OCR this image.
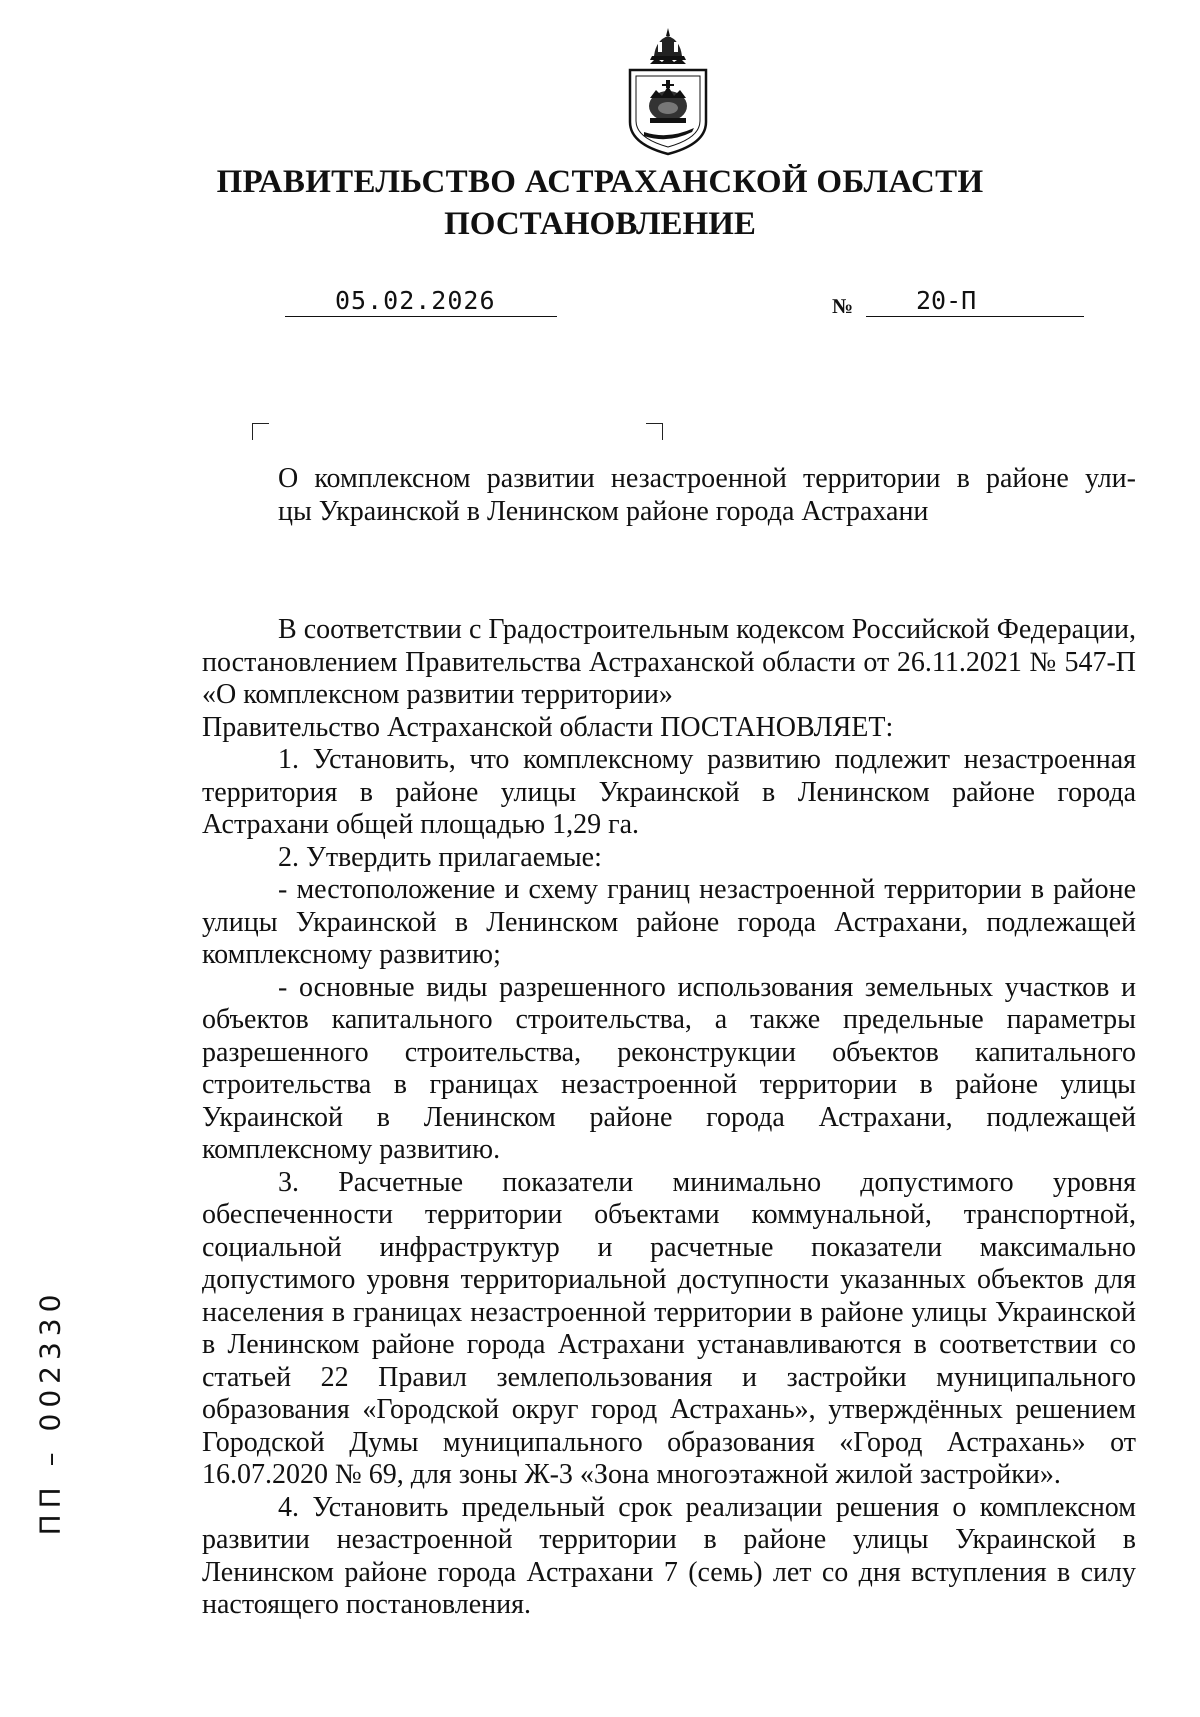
ПРАВИТЕЛЬСТВО АСТРАХАНСКОЙ ОБЛАСТИ
ПОСТАНОВЛЕНИЕ
05.02.2026	№	20-П
О комплексном развитии незастроенной территории в районе ули-
цы Украинской в Ленинском районе города Астрахани

В соответствии с Градостроительным кодексом Российской Федерации, постановлением Правительства Астраханской области от 26.11.2021 № 547-П «О комплексном развитии территории»

Правительство Астраханской области ПОСТАНОВЛЯЕТ:

1. Установить, что комплексному развитию подлежит незастроенная территория в районе улицы Украинской в Ленинском районе города Астрахани общей площадью 1,29 га.

2. Утвердить прилагаемые:

- местоположение и схему границ незастроенной территории в районе улицы Украинской в Ленинском районе города Астрахани, подлежащей комплексному развитию;

- основные виды разрешенного использования земельных участков и объектов капитального строительства, а также предельные параметры разрешенного строительства, реконструкции объектов капитального строительства в границах незастроенной территории в районе улицы Украинской в Ленинском районе города Астрахани, подлежащей комплексному развитию.

3. Расчетные показатели минимально допустимого уровня обеспеченности территории объектами коммунальной, транспортной, социальной инфраструктур и расчетные показатели максимально допустимого уровня территориальной доступности указанных объектов для населения в границах незастроенной территории в районе улицы Украинской в Ленинском районе города Астрахани устанавливаются в соответствии со статьей 22 Правил землепользования и застройки муниципального образования «Городской округ город Астрахань», утверждённых решением Городской Думы муниципального образования «Город Астрахань» от 16.07.2020 № 69, для зоны Ж-3 «Зона многоэтажной жилой застройки».

4. Установить предельный срок реализации решения о комплексном развитии незастроенной территории в районе улицы Украинской в Ленинском районе города Астрахани 7 (семь) лет со дня вступления в силу настоящего постановления.

ПП – 002330
